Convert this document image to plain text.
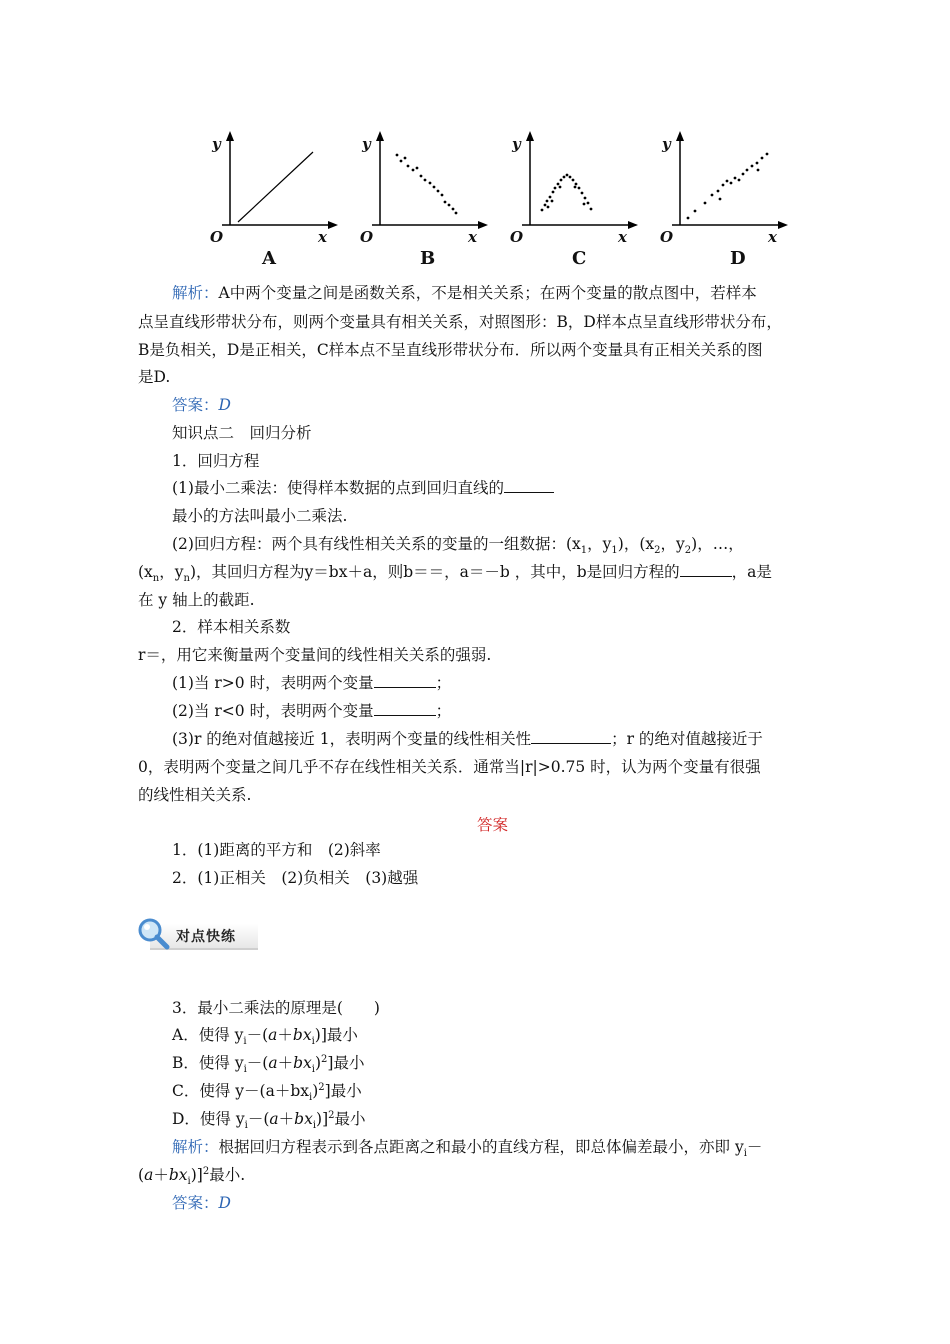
y
x
O
A
y
x
O
B
y
x
O
C
y
x
O
D
解析：A中两个变量之间是函数关系，不是相关关系；在两个变量的散点图中，若样本
点呈直线形带状分布，则两个变量具有相关关系，对照图形：B，D样本点呈直线形带状分布，
B是负相关，D是正相关，C样本点不呈直线形带状分布．所以两个变量具有正相关关系的图
是D.
答案：D
知识点二　回归分析
1．回归方程
(1)最小二乘法：使得样本数据的点到回归直线的
最小的方法叫最小二乘法.
(2)回归方程：两个具有线性相关关系的变量的一组数据：($x_1$，$y_1$)，($x_2$，$y_2$)，…，
($x_n$，$y_n$)，其回归方程为y＝bx＋a，则b＝＝，a＝－b ，其中，b是回归方程的	，a是
在 y 轴上的截距.
2．样本相关系数
r＝，用它来衡量两个变量间的线性相关关系的强弱.
(1)当 r>0 时，表明两个变量	；
(2)当 r<0 时，表明两个变量	；
(3)r 的绝对值越接近 1，表明两个变量的线性相关性	；r 的绝对值越接近于
0，表明两个变量之间几乎不存在线性相关关系．通常当|r|>0.75 时，认为两个变量有很强
的线性相关关系.
答案
1．(1)距离的平方和　(2)斜率
2．(1)正相关　(2)负相关　(3)越强
对点快练
3．最小二乘法的原理是(　　)
A．使得 $y_i-(a+bx_i)$]最小
B．使得 $y_i-(a+bx_i)^2$]最小
C．使得 $y-(a+bx_i)^2$]最小
D．使得 $y_i-(a+bx_i)]^2$最小
解析：根据回归方程表示到各点距离之和最小的直线方程，即总体偏差最小，亦即 $y_i-$
$(a+bx_i)]^2$最小.
答案：D
